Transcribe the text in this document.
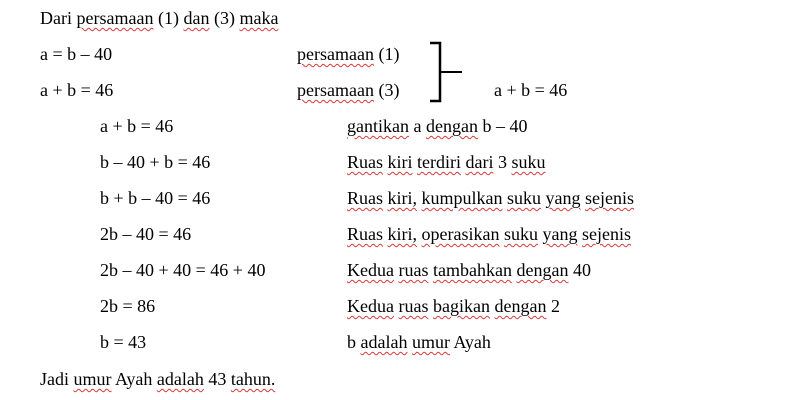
Dari persamaan (1) dan (3) maka
a = b – 40	persamaan (1)
a + b = 46	persamaan (3)	a + b = 46
a + b = 46	gantikan a dengan b – 40
b – 40 + b = 46	Ruas kiri terdiri dari 3 suku
b + b – 40 = 46	Ruas kiri, kumpulkan suku yang sejenis
2b – 40 = 46	Ruas kiri, operasikan suku yang sejenis
2b – 40 + 40 = 46 + 40	Kedua ruas tambahkan dengan 40
2b = 86	Kedua ruas bagikan dengan 2
b = 43	b adalah umur Ayah
Jadi umur Ayah adalah 43 tahun.
